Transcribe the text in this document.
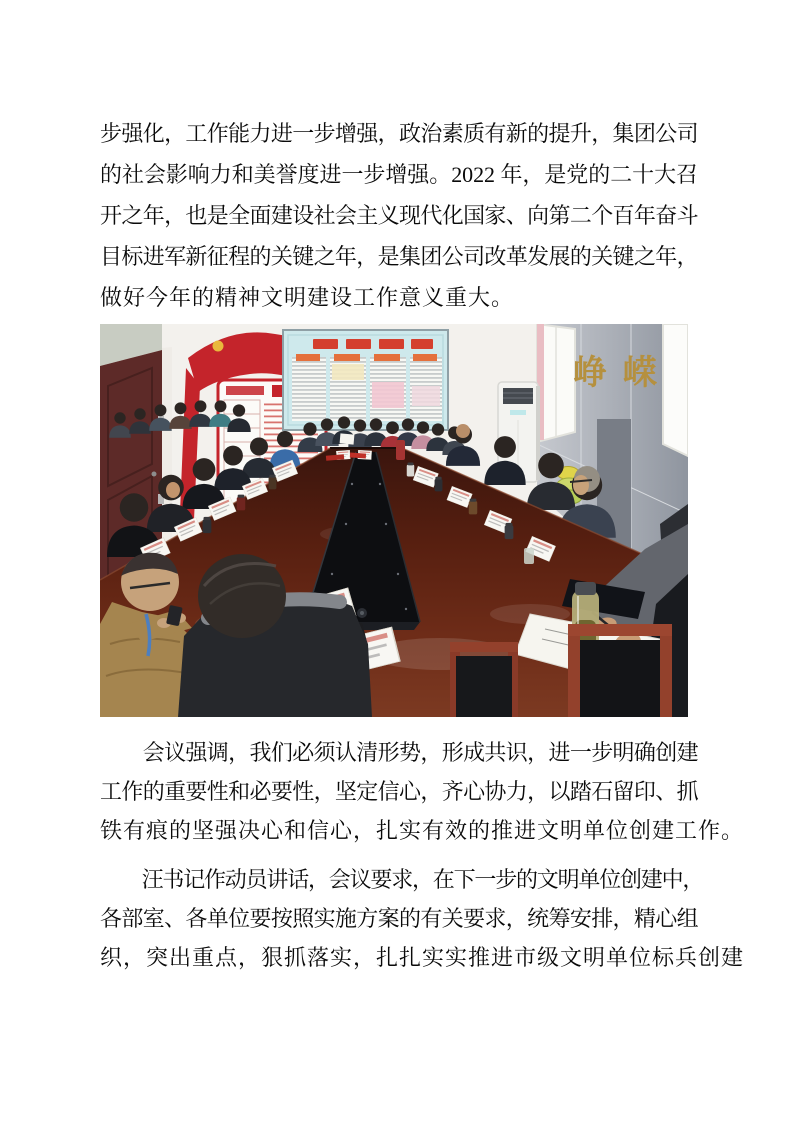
步强化，工作能力进一步增强，政治素质有新的提升，集团公司
的社会影响力和美誉度进一步增强。2022 年，是党的二十大召
开之年，也是全面建设社会主义现代化国家、向第二个百年奋斗
目标进军新征程的关键之年，是集团公司改革发展的关键之年，
做好今年的精神文明建设工作意义重大。
峥嵘
　　会议强调，我们必须认清形势，形成共识，进一步明确创建
工作的重要性和必要性，坚定信心，齐心协力，以踏石留印、抓
铁有痕的坚强决心和信心，扎实有效的推进文明单位创建工作。
　　汪书记作动员讲话，会议要求，在下一步的文明单位创建中，
各部室、各单位要按照实施方案的有关要求，统筹安排，精心组
织，突出重点，狠抓落实，扎扎实实推进市级文明单位标兵创建
